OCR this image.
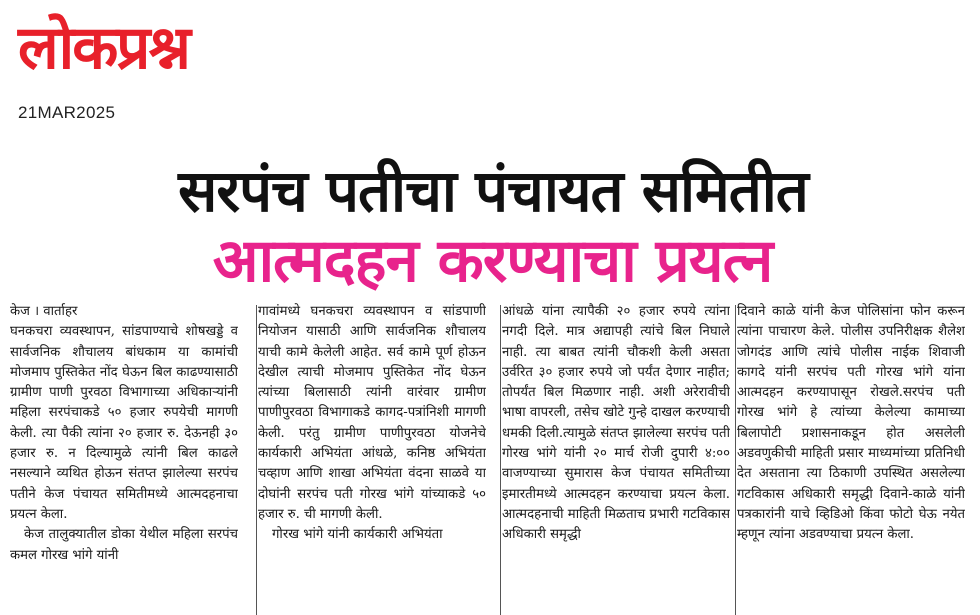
लोकप्रश्न
21MAR2025
सरपंच पतीचा पंचायत समितीत
आत्मदहन करण्याचा प्रयत्न

केज । वार्ताहर

घनकचरा व्यवस्थापन, सांडपाण्याचे शोषखड्डे व सार्वजनिक शौचालय बांधकाम या कामांची मोजमाप पुस्तिकेत नोंद घेऊन बिल काढण्यासाठी ग्रामीण पाणी पुरवठा विभागाच्या अधिकाऱ्यांनी महिला सरपंचाकडे ५० हजार रुपयेची मागणी केली. त्या पैकी त्यांना २० हजार रु. देऊनही ३० हजार रु. न दिल्यामुळे त्यांनी बिल काढले नसल्याने व्यथित होऊन संतप्त झालेल्या सरपंच पतीने केज पंचायत समितीमध्ये आत्मदहनाचा प्रयत्न केला.

केज तालुक्यातील डोका येथील महिला सरपंच कमल गोरख भांगे यांनी

गावांमध्ये घनकचरा व्यवस्थापन व सांडपाणी नियोजन यासाठी आणि सार्वजनिक शौचालय याची कामे केलेली आहेत. सर्व कामे पूर्ण होऊन देखील त्याची मोजमाप पुस्तिकेत नोंद घेऊन त्यांच्या बिलासाठी त्यांनी वारंवार ग्रामीण पाणीपुरवठा विभागाकडे कागद-पत्रांनिशी मागणी केली. परंतु ग्रामीण पाणीपुरवठा योजनेचे कार्यकारी अभियंता आंधळे, कनिष्ठ अभियंता चव्हाण आणि शाखा अभियंता वंदना साळवे या दोघांनी सरपंच पती गोरख भांगे यांच्याकडे ५० हजार रु. ची मागणी केली.

गोरख भांगे यांनी कार्यकारी अभियंता

आंधळे यांना त्यापैकी २० हजार रुपये त्यांना नगदी दिले. मात्र अद्यापही त्यांचे बिल निघाले नाही. त्या बाबत त्यांनी चौकशी केली असता उर्वरित ३० हजार रुपये जो पर्यंत देणार नाहीत; तोपर्यंत बिल मिळणार नाही. अशी अरेरावीची भाषा वापरली, तसेच खोटे गुन्हे दाखल करण्याची धमकी दिली.त्यामुळे संतप्त झालेल्या सरपंच पती गोरख भांगे यांनी २० मार्च रोजी दुपारी ४:०० वाजण्याच्या सुमारास केज पंचायत समितीच्या इमारतीमध्ये आत्मदहन करण्याचा प्रयत्न केला. आत्मदहनाची माहिती मिळताच प्रभारी गटविकास अधिकारी समृद्धी

दिवाने काळे यांनी केज पोलिसांना फोन करून त्यांना पाचारण केले. पोलीस उपनिरीक्षक शैलेश जोगदंड आणि त्यांचे पोलीस नाईक शिवाजी कागदे यांनी सरपंच पती गोरख भांगे यांना आत्मदहन करण्यापासून रोखले.सरपंच पती गोरख भांगे हे त्यांच्या केलेल्या कामाच्या बिलापोटी प्रशासनाकडून होत असलेली अडवणुकीची माहिती प्रसार माध्यमांच्या प्रतिनिधी देत असताना त्या ठिकाणी उपस्थित असलेल्या गटविकास अधिकारी समृद्धी दिवाने-काळे यांनी पत्रकारांनी याचे व्हिडिओ किंवा फोटो घेऊ नयेत म्हणून त्यांना अडवण्याचा प्रयत्न केला.
